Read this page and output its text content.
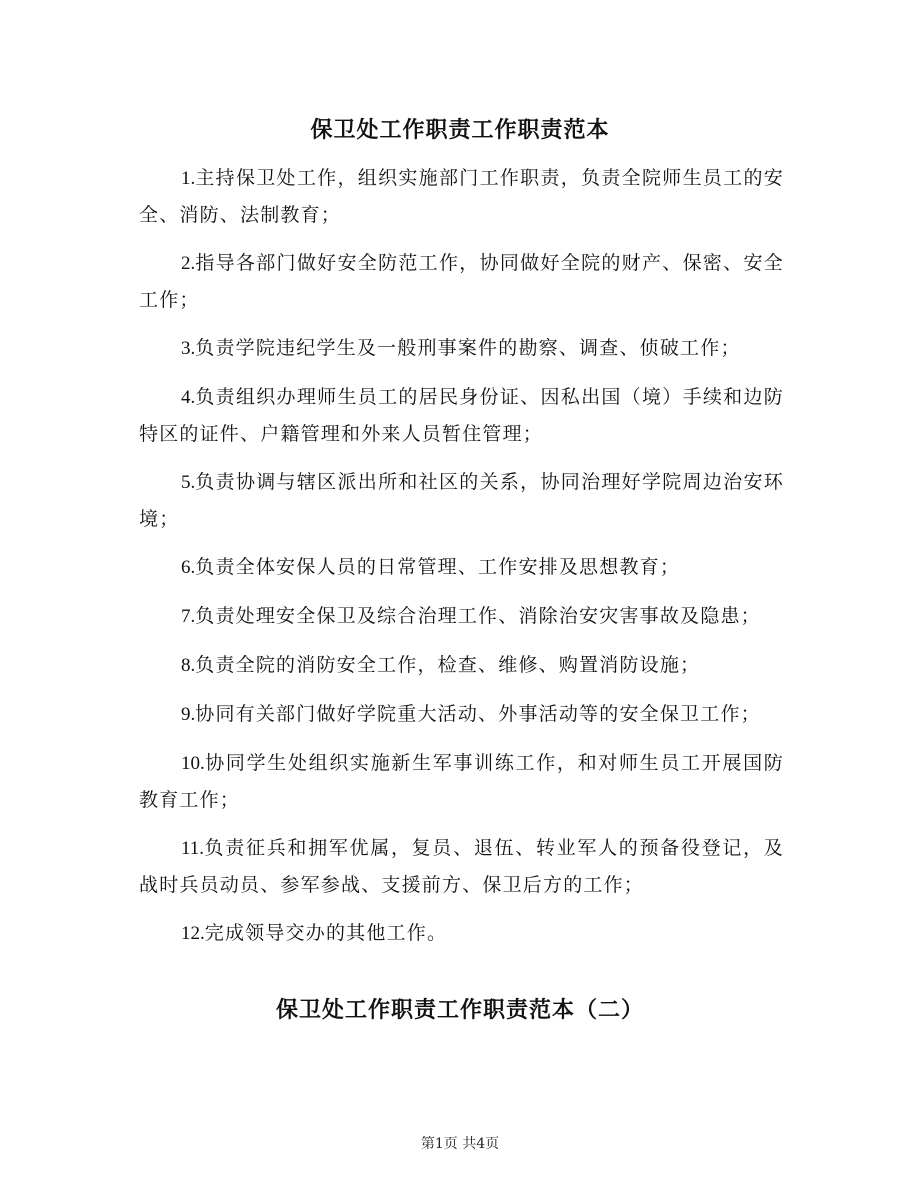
保卫处工作职责工作职责范本

1.主持保卫处工作，组织实施部门工作职责，负责全院师生员工的安全、消防、法制教育；

2.指导各部门做好安全防范工作，协同做好全院的财产、保密、安全工作；

3.负责学院违纪学生及一般刑事案件的勘察、调查、侦破工作；

4.负责组织办理师生员工的居民身份证、因私出国（境）手续和边防特区的证件、户籍管理和外来人员暂住管理；

5.负责协调与辖区派出所和社区的关系，协同治理好学院周边治安环境；

6.负责全体安保人员的日常管理、工作安排及思想教育；

7.负责处理安全保卫及综合治理工作、消除治安灾害事故及隐患；

8.负责全院的消防安全工作，检查、维修、购置消防设施；

9.协同有关部门做好学院重大活动、外事活动等的安全保卫工作；

10.协同学生处组织实施新生军事训练工作，和对师生员工开展国防教育工作；

11.负责征兵和拥军优属，复员、退伍、转业军人的预备役登记，及战时兵员动员、参军参战、支援前方、保卫后方的工作；

12.完成领导交办的其他工作。

保卫处工作职责工作职责范本（二）
第1页 共4页
